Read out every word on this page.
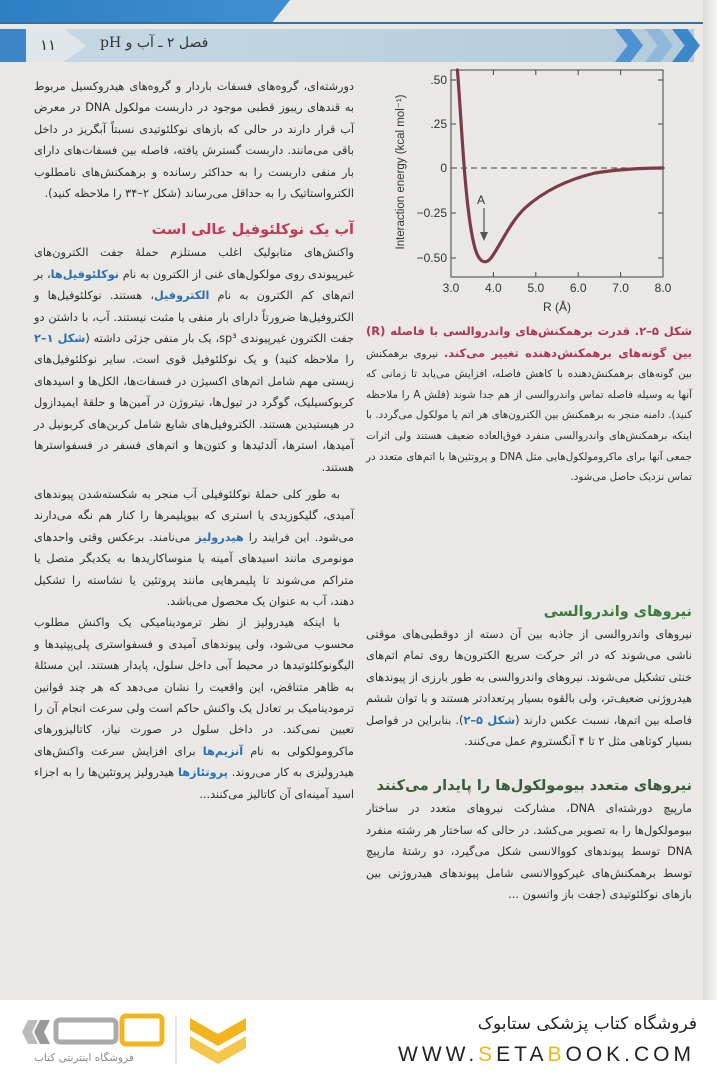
۱۱	فصل ۲ ـ آب و pH
A
.50
.25
0
−0.25
−0.50
3.0 4.0 5.0 6.0 7.0 8.0
R (Å)
Interaction energy (kcal mol⁻¹)
شکل ۵–۲. قدرت برهمکنش‌های واندروالسی با فاصله (R) بین گونه‌های برهمکنش‌دهنده تغییر می‌کند. نیروی برهمکنش بین گونه‌های برهمکنش‌دهنده با کاهش فاصله، افزایش می‌یابد تا زمانی که آنها به وسیله فاصله تماس واندروالسی از هم جدا شوند (فلش A را ملاحظه کنید). دامنه منجر به برهمکنش بین الکترون‌های هر اتم یا مولکول می‌گردد. با اینکه برهمکنش‌های واندروالسی منفرد فوق‌العاده ضعیف هستند ولی اثرات جمعی آنها برای ماکرومولکول‌هایی مثل DNA و پروتئین‌ها با اتم‌های متعدد در تماس نزدیک حاصل می‌شود.

دورشته‌ای، گروه‌های فسفات باردار و گروه‌های هیدروکسیل مربوط به قندهای ریبوز قطبی موجود در داربست مولکول DNA در معرض آب قرار دارند در حالی که بازهای نوکلئوتیدی نسبتاً آبگریز در داخل باقی می‌مانند. داربست گسترش یافته، فاصله بین فسفات‌های دارای بار منفی داربست را به حداکثر رسانده و برهمکنش‌های نامطلوب الکترواستاتیک را به حداقل می‌رساند (شکل ۲–۳۴ را ملاحظه کنید).

آب یک نوکلئوفیل عالی است

واکنش‌های متابولیک اغلب مستلزم حملهٔ جفت الکترون‌های غیرپیوندی روی مولکول‌های غنی از الکترون به نام نوکلئوفیل‌ها، بر اتم‌های کم الکترون به نام الکتروفیل، هستند. نوکلئوفیل‌ها و الکتروفیل‌ها ضرورتاً دارای بار منفی یا مثبت نیستند. آب، با داشتن دو جفت الکترون غیرپیوندی sp³، یک بار منفی جزئی داشته (شکل ۱–۲ را ملاحظه کنید) و یک نوکلئوفیل قوی است. سایر نوکلئوفیل‌های زیستی مهم شامل اتم‌های اکسیژن در فسفات‌ها، الکل‌ها و اسیدهای کربوکسیلیک، گوگرد در تیول‌ها، نیتروژن در آمین‌ها و حلقهٔ ایمیدازول در هیستیدین هستند. الکتروفیل‌های شایع شامل کربن‌های کربونیل در آمیدها، استرها، آلدئیدها و کتون‌ها و اتم‌های فسفر در فسفواسترها هستند.

به طور کلی حملهٔ نوکلئوفیلی آب منجر به شکسته‌شدن پیوندهای آمیدی، گلیکوزیدی یا استری که بیوپلیمرها را کنار هم نگه می‌دارند می‌شود. این فرایند را هیدرولیز می‌نامند. برعکس وقتی واحدهای مونومری مانند اسیدهای آمینه یا منوساکاریدها به یکدیگر متصل یا متراکم می‌شوند تا پلیمرهایی مانند پروتئین یا نشاسته را تشکیل دهند، آب به عنوان یک محصول می‌باشد.

با اینکه هیدرولیز از نظر ترمودینامیکی یک واکنش مطلوب محسوب می‌شود، ولی پیوندهای آمیدی و فسفواستری پلی‌پپتیدها و الیگونوکلئوتیدها در محیط آبی داخل سلول، پایدار هستند. این مسئلهٔ به ظاهر متناقض، این واقعیت را نشان می‌دهد که هر چند قوانین ترمودینامیک بر تعادل یک واکنش حاکم است ولی سرعت انجام آن را تعیین نمی‌کند. در داخل سلول در صورت نیاز، کاتالیزورهای ماکرومولکولی به نام آنزیم‌ها برای افزایش سرعت واکنش‌های هیدرولیزی به کار می‌روند. پروتئازها هیدرولیز پروتئین‌ها را به اجزاء اسید آمینه‌ای آن کاتالیز می‌کنند...

نیروهای واندروالسی

نیروهای واندروالسی از جاذبه بین آن دسته از دوقطبی‌های موقتی ناشی می‌شوند که در اثر حرکت سریع الکترون‌ها روی تمام اتم‌های خنثی تشکیل می‌شوند. نیروهای واندروالسی به طور بارزی از پیوندهای هیدروژنی ضعیف‌تر، ولی بالقوه بسیار پرتعدادتر هستند و با توان ششم فاصله بین اتم‌ها، نسبت عکس دارند (شکل ۵–۲). بنابراین در فواصل بسیار کوتاهی مثل ۲ تا ۴ آنگستروم عمل می‌کنند.

نیروهای متعدد بیومولکول‌ها را پایدار می‌کنند

مارپیچ دورشته‌ای DNA، مشارکت نیروهای متعدد در ساختار بیومولکول‌ها را به تصویر می‌کشد. در حالی که ساختار هر رشته منفرد DNA توسط پیوندهای کووالانسی شکل می‌گیرد، دو رشتهٔ مارپیچ توسط برهمکنش‌های غیرکووالانسی شامل پیوندهای هیدروژنی بین بازهای نوکلئوتیدی (جفت باز واتسون ...

فروشگاه اینترنتی کتاب
فروشگاه کتاب پزشکی ستابوک
WWW.SETABOOK.COM
